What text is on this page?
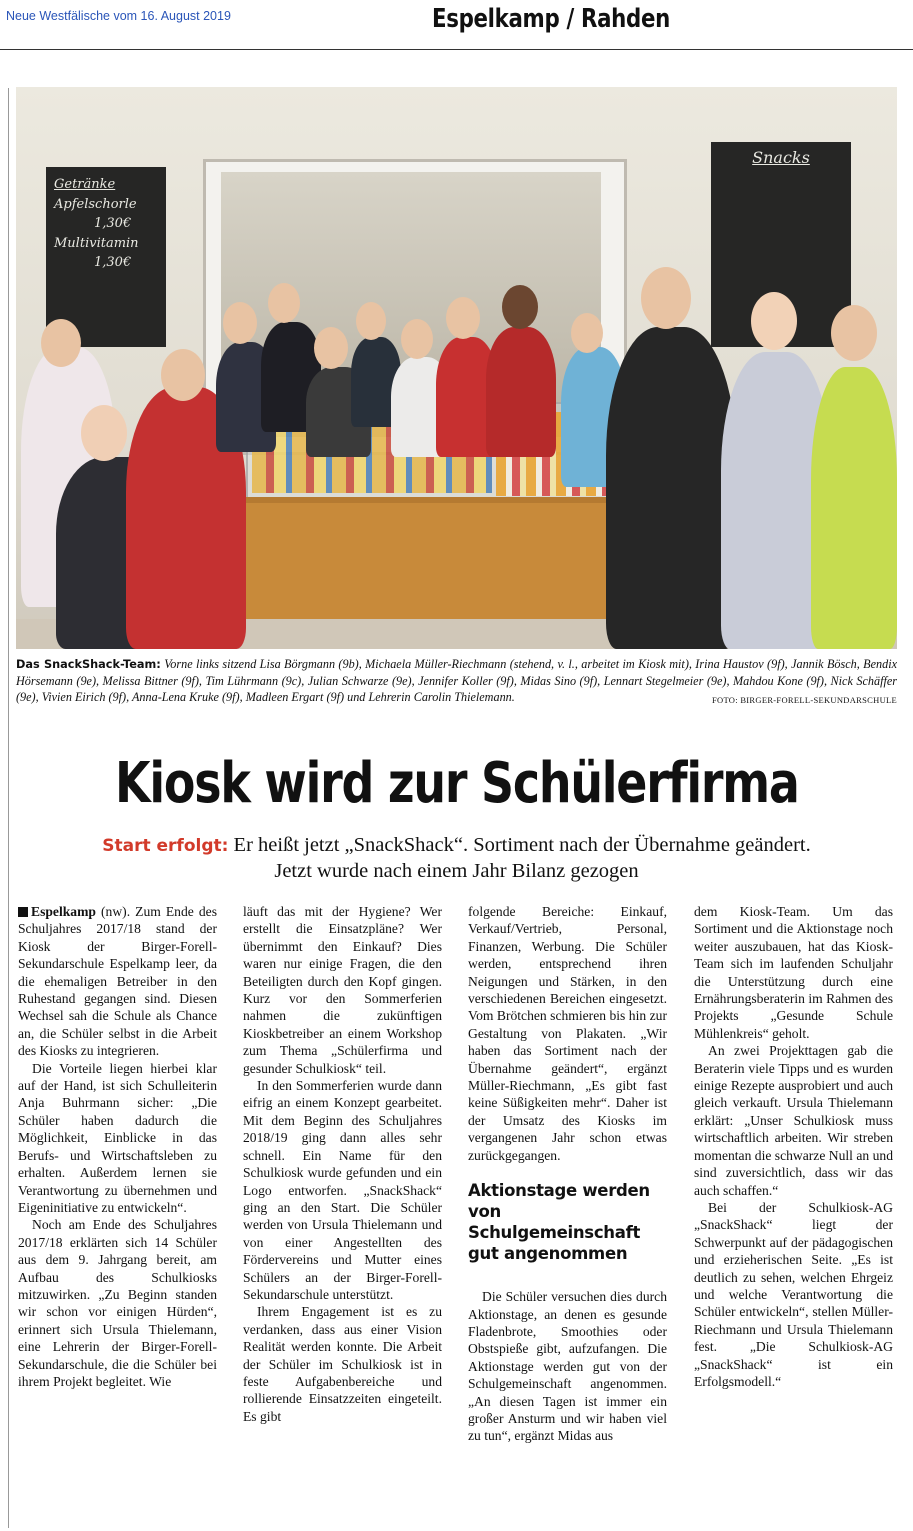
Neue Westfälische vom 16. August 2019	Espelkamp / Rahden
Getränke
Apfelschorle
1,30€
Multivitamin
1,30€
Snacks
Das SnackShack-Team: Vorne links sitzend Lisa Börgmann (9b), Michaela Müller-Riechmann (stehend, v. l., arbeitet im Kiosk mit), Irina Haustov (9f), Jannik Bösch, Bendix Hörsemann (9e), Melissa Bittner (9f), Tim Lührmann (9c), Julian Schwarze (9e), Jennifer Koller (9f), Midas Sino (9f), Lennart Stegelmeier (9e), Mahdou Kone (9f), Nick Schäffer (9e), Vivien Eirich (9f), Anna-Lena Kruke (9f), Madleen Ergart (9f) und Lehrerin Carolin Thielemann.	FOTO: BIRGER-FORELL-SEKUNDARSCHULE
Kiosk wird zur Schülerfirma
Start erfolgt: Er heißt jetzt „SnackShack“. Sortiment nach der Übernahme geändert.
Jetzt wurde nach einem Jahr Bilanz gezogen

Espelkamp (nw). Zum Ende des Schuljahres 2017/18 stand der Kiosk der Birger-Forell-Sekundarschule Espelkamp leer, da die ehemaligen Betreiber in den Ruhestand gegangen sind. Diesen Wechsel sah die Schule als Chance an, die Schüler selbst in die Arbeit des Kiosks zu integrieren.

Die Vorteile liegen hierbei klar auf der Hand, ist sich Schulleiterin Anja Buhrmann sicher: „Die Schüler haben dadurch die Möglichkeit, Einblicke in das Berufs- und Wirtschaftsleben zu erhalten. Außerdem lernen sie Verantwortung zu übernehmen und Eigeninitiative zu entwickeln“.

Noch am Ende des Schuljahres 2017/18 erklärten sich 14 Schüler aus dem 9. Jahrgang bereit, am Aufbau des Schulkiosks mitzuwirken. „Zu Beginn standen wir schon vor einigen Hürden“, erinnert sich Ursula Thielemann, eine Lehrerin der Birger-Forell-Sekundarschule, die die Schüler bei ihrem Projekt begleitet. Wie

läuft das mit der Hygiene? Wer erstellt die Einsatzpläne? Wer übernimmt den Einkauf? Dies waren nur einige Fragen, die den Beteiligten durch den Kopf gingen. Kurz vor den Sommerferien nahmen die zukünftigen Kioskbetreiber an einem Workshop zum Thema „Schülerfirma und gesunder Schulkiosk“ teil.

In den Sommerferien wurde dann eifrig an einem Konzept gearbeitet. Mit dem Beginn des Schuljahres 2018/19 ging dann alles sehr schnell. Ein Name für den Schulkiosk wurde gefunden und ein Logo entworfen. „SnackShack“ ging an den Start. Die Schüler werden von Ursula Thielemann und von einer Angestellten des Fördervereins und Mutter eines Schülers an der Birger-Forell-Sekundarschule unterstützt.

Ihrem Engagement ist es zu verdanken, dass aus einer Vision Realität werden konnte. Die Arbeit der Schüler im Schulkiosk ist in feste Aufgabenbereiche und rollierende Einsatzzeiten eingeteilt. Es gibt

folgende Bereiche: Einkauf, Verkauf/Vertrieb, Personal, Finanzen, Werbung. Die Schüler werden, entsprechend ihren Neigungen und Stärken, in den verschiedenen Bereichen eingesetzt. Vom Brötchen schmieren bis hin zur Gestaltung von Plakaten. „Wir haben das Sortiment nach der Übernahme geändert“, ergänzt Müller-Riechmann, „Es gibt fast keine Süßigkeiten mehr“. Daher ist der Umsatz des Kiosks im vergangenen Jahr schon etwas zurückgegangen.

Aktionstage werden von Schulgemeinschaft gut angenommen

Die Schüler versuchen dies durch Aktionstage, an denen es gesunde Fladenbrote, Smoothies oder Obstspieße gibt, aufzufangen. Die Aktionstage werden gut von der Schulgemeinschaft angenommen. „An diesen Tagen ist immer ein großer Ansturm und wir haben viel zu tun“, ergänzt Midas aus

dem Kiosk-Team. Um das Sortiment und die Aktionstage noch weiter auszubauen, hat das Kiosk-Team sich im laufenden Schuljahr die Unterstützung durch eine Ernährungsberaterin im Rahmen des Projekts „Gesunde Schule Mühlenkreis“ geholt.

An zwei Projekttagen gab die Beraterin viele Tipps und es wurden einige Rezepte ausprobiert und auch gleich verkauft. Ursula Thielemann erklärt: „Unser Schulkiosk muss wirtschaftlich arbeiten. Wir streben momentan die schwarze Null an und sind zuversichtlich, dass wir das auch schaffen.“

Bei der Schulkiosk-AG „SnackShack“ liegt der Schwerpunkt auf der pädagogischen und erzieherischen Seite. „Es ist deutlich zu sehen, welchen Ehrgeiz und welche Verantwortung die Schüler entwickeln“, stellen Müller-Riechmann und Ursula Thielemann fest. „Die Schulkiosk-AG „SnackShack“ ist ein Erfolgsmodell.“
